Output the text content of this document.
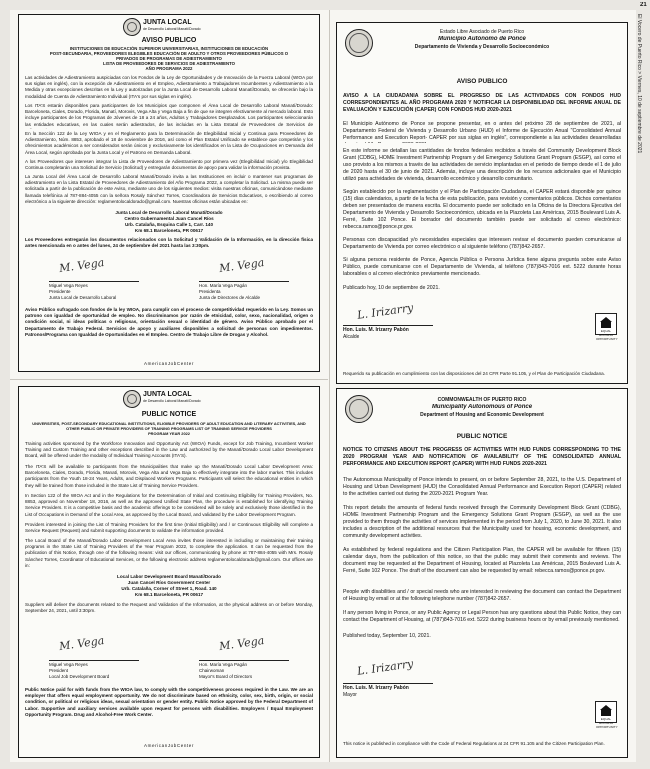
JUNTA LOCAL
de Desarrollo Laboral Manatí/Dorado
AVISO PÚBLICO
INSTITUCIONES DE EDUCACIÓN SUPERIOR UNIVERSITARIAS, INSTITUCIONES DE EDUCACIÓN
POST-SECUNDARIA, PROVEEDORES ELEGIBLES EDUCACIÓN DE ADULTO Y OTROS PROVEEDORES PÚBLICOS O
PRIVADOS DE PROGRAMAS DE ADIESTRAMIENTO
LISTA DE PROVEEDORES DE SERVICIOS DE ADIESTRAMIENTO
AÑO PROGRAMA 2022
Las actividades de Adiestramiento auspiciadas con los Fondos de la Ley de Oportunidades y de Innovación de la Fuerza Laboral (WIOA por sus siglas en inglés), con la excepción de Adiestramiento en el Empleo, Adiestramiento a Trabajadores Incumbentes y Adiestramiento a la Medida y otras excepciones descritas en la Ley y autorizadas por la Junta Local de Desarrollo Laboral Manatí/Dorado, se ofrecerán bajo la modalidad de Cuenta de Adiestramiento Individual (ITA's por sus siglas en inglés).
Los ITA'S estarán disponibles para participantes de los Municipios que componen el Área Local de Desarrollo Laboral Manatí/Dorado: Barceloneta, Ciales, Dorado, Florida, Manatí, Morovis, Vega Alta y Vega Baja a fin de que se integren efectivamente al mercado laboral. Esto incluye participantes de los Programas de Jóvenes de 18 a 24 años, Adultos y Trabajadores Desplazados. Los participantes seleccionarán las entidades educativas, en las cuales serán adiestrados, de las incluidas en la Lista Estatal de Proveedores de Servicios de
En la Sección 122 de la Ley WIOA y en el Reglamento para la Determinación de Elegibilidad Inicial y Continua para Proveedores de Adiestramiento, Núm. 8853, aprobado el 18 de noviembre de 2016, así como el Plan Estatal Unificado se establece que competirán y los ofrecimientos académicos a ser considerados serán únicos y exclusivamente los identificados en la Lista de Ocupaciones en Demanda del Área Local, según aprobada por la Junta Local y el Patrono en Demanda Laboral.
A los Proveedores que interesen integrar la Lista de Proveedores de Adiestramiento por primera vez (Elegibilidad Inicial) y/o Elegibilidad Continua completarán una Solicitud de Servicio (Solicitud) y entregarán documentos de apoyo para validar la información provista.
La Junta Local del Área Local de Desarrollo Laboral Manatí/Dorado invita a las Instituciones en incluir o mantener sus programas de adiestramiento en la Lista Estatal de Proveedores de Adiestramiento del Año Programa 2022, a completar la Solicitud. La misma puede ser solicitada a partir de la publicación de este Aviso, mediante uno de los siguientes medios: visita nuestras oficinas, comunicándose mediante llamada telefónica al 787-884-4055 con la señora Rosaly Sánchez Torres, Coordinadora de Servicios Educativos, o escribiendo al correo electrónico a la siguiente dirección: reglamentolocaldorado@gmail.com. Nuestras oficinas están ubicadas en:
Junta Local de Desarrollo Laboral Manatí/Dorado
Centro Gubernamental Juan Cancel Ríos
Urb. Catalaña, Esquina Calle 1, Carr. 140
Km 68.1 Barceloneta, PR 00617
Los Proveedores entregarán los documentos relacionados con la Solicitud y Validación de la Información, en la dirección física antes mencionada en o antes del lunes, 24 de septiembre del 2021 hasta las 3:30pm.
M. Vega
Miguel Vega Reyes
Presidente
Junta Local de Desarrollo Laboral
M. Vega
Hon. María Vega Pagán
Presidenta
Junta de Directores de Alcalde
Aviso Público sufragado con fondos de la ley WIOA, para cumplir con el proceso de competitividad requerido en la Ley. Somos un patrono con igualdad de oportunidad de empleo. No discriminamos por razón de etnicidad, color, sexo, nacionalidad, origen o condición social, ni ideas políticas o religiosas, orientación sexual o identidad de género. Aviso Público aprobado por el Departamento de Trabajo Federal. Servicios de apoyo y auxiliares disponibles a solicitud de personas con impedimentos. Patronos/Programa con Igualdad de Oportunidades en el Empleo. Centro de Trabajo Libre de Drogas y Alcohol.
AmericanJobCenter
JUNTA LOCAL
de Desarrollo Laboral Manatí/Dorado
PUBLIC NOTICE
UNIVERSITIES, POST-SECONDARY EDUCATIONAL INSTITUTIONS, ELIGIBLE PROVIDERS OF ADULT EDUCATION AND LITERARY ACTIVITIES, AND
OTHER PUBLIC OR PRIVATE PROVIDERS OF TRAINING PROGRAMS LIST OF TRAINING SERVICE PROVIDERS
PROGRAM YEAR 2022
Training activities sponsored by the Workforce Innovation and Opportunity Act (WIOA) Funds, except for Job Training, Incumbent Worker Training and Custom Training and other exceptions described in the Law and authorized by the Manatí/Dorado Local Labor Development Board, will be offered under the modality of Individual Training Accounts (ITA'S).
The ITA'S will be available to participants from the Municipalities that make up the Manatí/Dorado Local Labor Development Area: Barceloneta, Ciales, Dorado, Florida, Manatí, Morovis, Vega Alta and Vega Baja to effectively integrate into the labor market. This includes participants from the Youth 18-24 Years, Adults, and Displaced Workers Programs. Participants will select the educational entities in which they will be trained from those included in the State List of Training Service Providers.
In Section 122 of the WIOA Act and in the Regulations for the Determination of Initial and Continuing Eligibility for Training Providers, No. 8853, approved on November 18, 2016, as well as the approved Unified State Plan, the procedure is established for identifying Training Service Providers. It is a competitive basis and the academic offerings to be considered will be solely and exclusively those identified in the List of Occupations in Demand of the Local Area, as approved by the Local Board, and validated by the Labor Development Program.
Providers interested in joining the List of Training Providers for the first time (Initial Eligibility) and / or Continuous Eligibility will complete a Service Request (Request) and submit supporting documents to validate the information provided.
The Local Board of the Manatí/Dorado Labor Development Local Area invites those interested in including or maintaining their training programs in the State List of Training Providers of the Year Program 2022, to complete the application. It can be requested from the publication of this Notice, through one of the following means: visit our offices, communicating by phone at 787-884-4055 with Mrs. Rosaly Sánchez Torres, Coordinator of Educational Services, or the following electronic address reglamentolocaldorado@gmail.com. Our offices are in:
Local Labor Development Board Manatí/Dorado
Juan Cancel Ríos Government Center
Urb. Catalaña, Corner of Street 1, Road. 140
Km 68.1 Barceloneta, PR 00617
Suppliers will deliver the documents related to the Request and Validation of the Information, at the physical address on or before Monday, September 24, 2021, until 3:30pm.
M. Vega
Miguel Vega Reyes
President
Local Job Development Board
M. Vega
Hon. María Vega Pagán
Chairwoman
Mayor's Board of Directors
Public Notice paid for with funds from the WIOA law, to comply with the competitiveness process required in the Law. We are an employer that offers equal employment opportunity. We do not discriminate based on ethnicity, color, sex, birth, origin, or social condition, or political or religious ideas, sexual orientation or gender entity. Public Notice approved by the Federal Department of Labor. Supportive and auxiliary services available upon request for persons with disabilities. Employers / Equal Employment Opportunity Program. Drug and Alcohol-Free Work Center.
AmericanJobCenter
Estado Libre Asociado de Puerto Rico
Municipio Autónomo de Ponce
Departamento de Vivienda y Desarrollo Socioeconómico
AVISO PÚBLICO
AVISO A LA CIUDADANÍA SOBRE EL PROGRESO DE LAS ACTIVIDADES CON FONDOS HUD CORRESPONDIENTES AL AÑO PROGRAMA 2020 Y NOTIFICAR LA DISPONIBILIDAD DEL INFORME ANUAL DE EVALUACIÓN Y EJECUCIÓN (CAPER) CON FONDOS HUD 2020-2021
El Municipio Autónomo de Ponce se propone presentar, en o antes del próximo 28 de septiembre de 2021, al Departamento Federal de Vivienda y Desarrollo Urbano (HUD) el Informe de Ejecución Anual "Consolidated Annual Performance and Execution Report- CAPER por sus siglas en inglés", correspondiente a las actividades desarrolladas
En este informe se detallan las cantidades de fondos federales recibidos a través del Community Development Block Grant (CDBG), HOME Investment Partnership Program y del Emergency Solutions Grant Program (ESGP), así como el uso provisto a los mismos a través de las actividades de servicio implantadas en el periodo de tiempo desde el 1 de julio de 2020 hasta el 30 de junio de 2021. Además, incluye una descripción de los recursos adicionales que el Municipio utilizó para actividades de vivienda, desarrollo económico y desarrollo comunitario.
Según establecido por la reglamentación y el Plan de Participación Ciudadana, el CAPER estará disponible por quince (15) días calendarios, a partir de la fecha de esta publicación, para revisión y comentarios públicos. Dichos comentarios deben ser presentados de manera escrita. El documento puede ser solicitado en la Oficina de la Directora Ejecutiva del Departamento de Vivienda y Desarrollo Socioeconómico, ubicada en la Plazoleta Las Américas, 2015 Boulevard Luis A. Ferré, Suite 102 Ponce. El borrador del documento también puede ser solicitado al correo electrónico: rebecca.ramos@ponce.pr.gov.
Personas con discapacidad y/o necesidades especiales que interesen revisar el documento pueden comunicarse al Departamento de Vivienda por correo electrónico o al siguiente teléfono (787)842-2657.
Si alguna persona residente de Ponce, Agencia Pública o Persona Jurídica tiene alguna pregunta sobre este Aviso Público, puede comunicarse con el Departamento de Vivienda, al teléfono (787)843-7016 ext. 5222 durante horas laborables o al correo electrónico previamente mencionado.
Publicado hoy, 10 de septiembre de 2021.
L. Irizarry
Hon. Luis. M. Irizarry Pabón
Alcalde
EQUAL HOUSING OPPORTUNITY
Requerido su publicación en cumplimiento con las disposiciones del 24 CFR Parte 91.105, y el Plan de Participación Ciudadana.
COMMONWEALTH OF PUERTO RICO
Municipality Autonomous of Ponce
Department of Housing and Economic Development
PUBLIC NOTICE
NOTICE TO CITIZENS ABOUT THE PROGRESS OF ACTIVITIES WITH HUD FUNDS CORRESPONDING TO THE 2020 PROGRAM YEAR AND NOTIFICATION OF AVAILABILITY OF THE CONSOLIDATED ANNUAL PERFORMANCE AND EXECUTION REPORT (CAPER) WITH HUD FUNDS 2020-2021
The Autonomous Municipality of Ponce intends to present, on or before September 28, 2021, to the U.S. Department of Housing and Urban Development (HUD) the Consolidated Annual Performance and Execution Report (CAPER) related to the activities carried out during the 2020-2021 Program Year.
This report details the amounts of federal funds received through the Community Development Block Grant (CDBG), HOME Investment Partnership Program and the Emergency Solutions Grant Program (ESGP), as well as the use provided to them through the activities of services implemented in the period from July 1, 2020, to June 30, 2021. It also includes a description of the additional resources that the Municipality used for housing, economic development, and community development activities.
As established by federal regulations and the Citizen Participation Plan, the CAPER will be available for fifteen (15) calendar days, from the publication of this notice, so that the public may submit their comments and reviews. The document may be requested at the Department of Housing, located at Plazoleta Las Américas, 2015 Boulevard Luis A. Ferré, Suite 102 Ponce. The draft of the document can also be requested by email: rebecca.ramos@ponce.pr.gov.
People with disabilities and / or special needs who are interested in reviewing the document can contact the Department of Housing by email or at the following telephone number (787)842-2657.
If any person living in Ponce, or any Public Agency or Legal Person has any questions about this Public Notice, they can contact the Department of Housing, at (787)843-7016 ext. 5222 during business hours or by email previously mentioned.
Published today, September 10, 2021.
L. Irizarry
Hon. Luis. M. Irizarry Pabón
Mayor
EQUAL HOUSING OPPORTUNITY
This notice is published in compliance with the Code of Federal Regulations at 24 CFR 91.105 and the Citizen Participation Plan.
21
El Vocero de Puerto Rico > Viernes, 10 de septiembre de 2021
